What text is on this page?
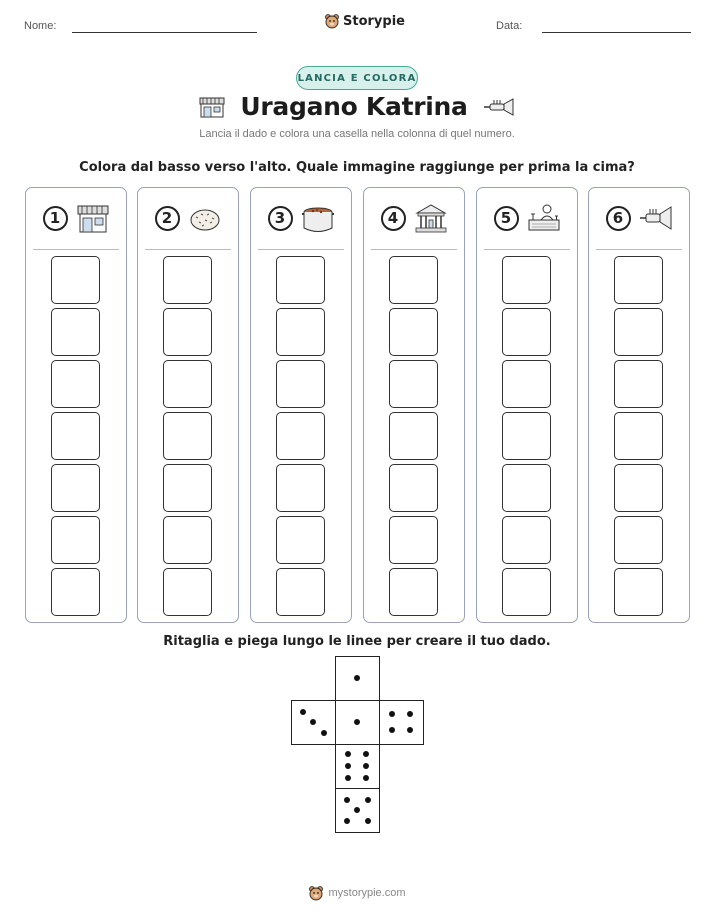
Nome:	Storypie	Data:
LANCIA E COLORA
Uragano Katrina
Lancia il dado e colora una casella nella colonna di quel numero.
Colora dal basso verso l'alto. Quale immagine raggiunge per prima la cima?
1	2	3	4	5	6
Ritaglia e piega lungo le linee per creare il tuo dado.
mystorypie.com
